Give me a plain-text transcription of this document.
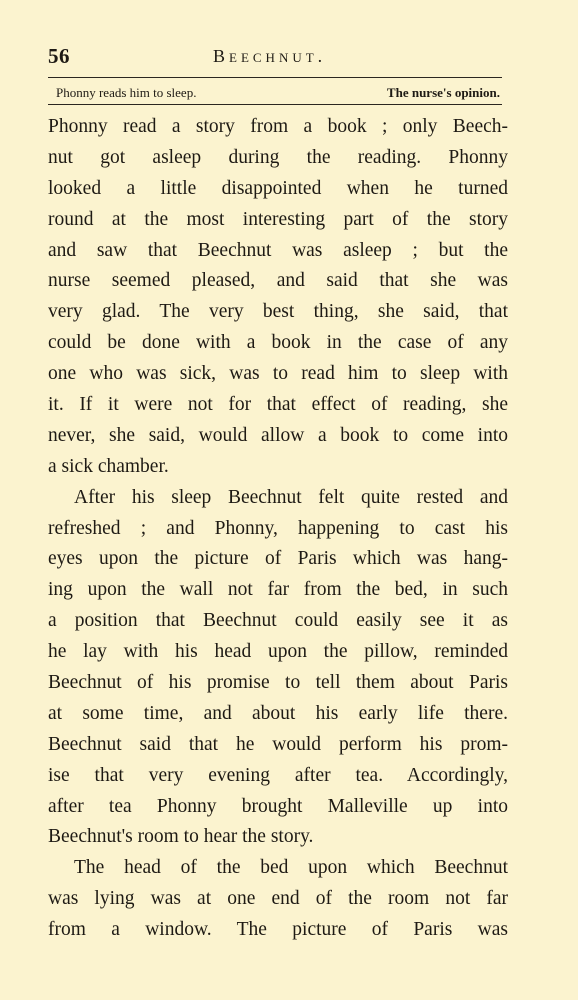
56	Beechnut.
Phonny reads him to sleep.	The nurse's opinion.

Phonny read a story from a book ; only Beech-
nut got asleep during the reading. Phonny
looked a little disappointed when he turned
round at the most interesting part of the story
and saw that Beechnut was asleep ; but the
nurse seemed pleased, and said that she was
very glad. The very best thing, she said, that
could be done with a book in the case of any
one who was sick, was to read him to sleep with
it. If it were not for that effect of reading, she
never, she said, would allow a book to come into
a sick chamber.

After his sleep Beechnut felt quite rested and
refreshed ; and Phonny, happening to cast his
eyes upon the picture of Paris which was hang-
ing upon the wall not far from the bed, in such
a position that Beechnut could easily see it as
he lay with his head upon the pillow, reminded
Beechnut of his promise to tell them about Paris
at some time, and about his early life there.
Beechnut said that he would perform his prom-
ise that very evening after tea. Accordingly,
after tea Phonny brought Malleville up into
Beechnut's room to hear the story.

The head of the bed upon which Beechnut
was lying was at one end of the room not far
from a window. The picture of Paris was
